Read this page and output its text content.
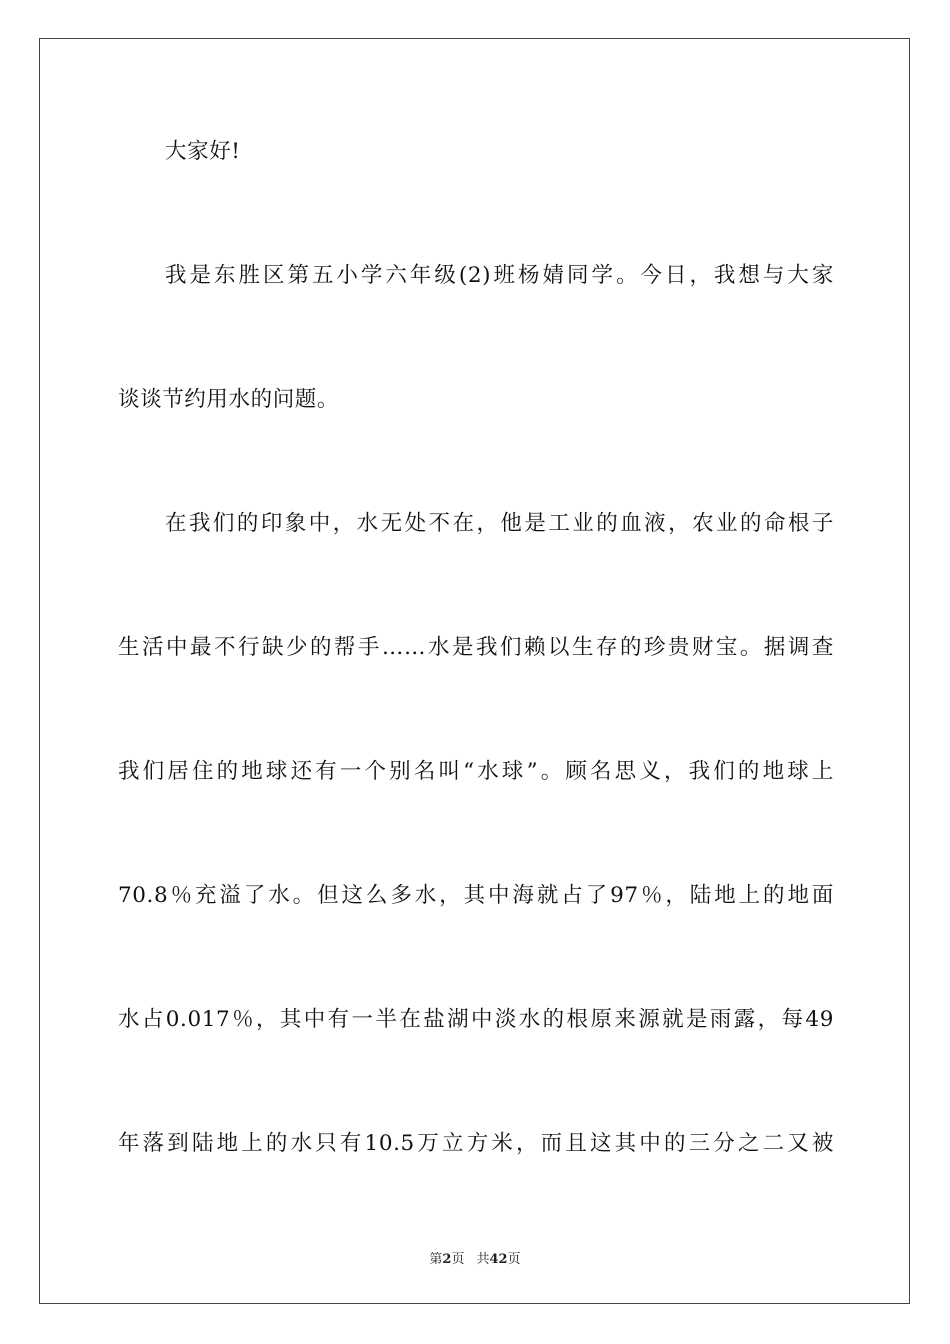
大家好!
我是东胜区第五小学六年级(2)班杨婧同学。今日，我想与大家
谈谈节约用水的问题。
在我们的印象中，水无处不在，他是工业的血液，农业的命根子
生活中最不行缺少的帮手……水是我们赖以生存的珍贵财宝。据调查
我们居住的地球还有一个别名叫“水球”。顾名思义，我们的地球上
70.8％充溢了水。但这么多水，其中海就占了97％，陆地上的地面
水占0.017％，其中有一半在盐湖中淡水的根原来源就是雨露，每49
年落到陆地上的水只有10.5万立方米，而且这其中的三分之二又被
第2页 共42页
